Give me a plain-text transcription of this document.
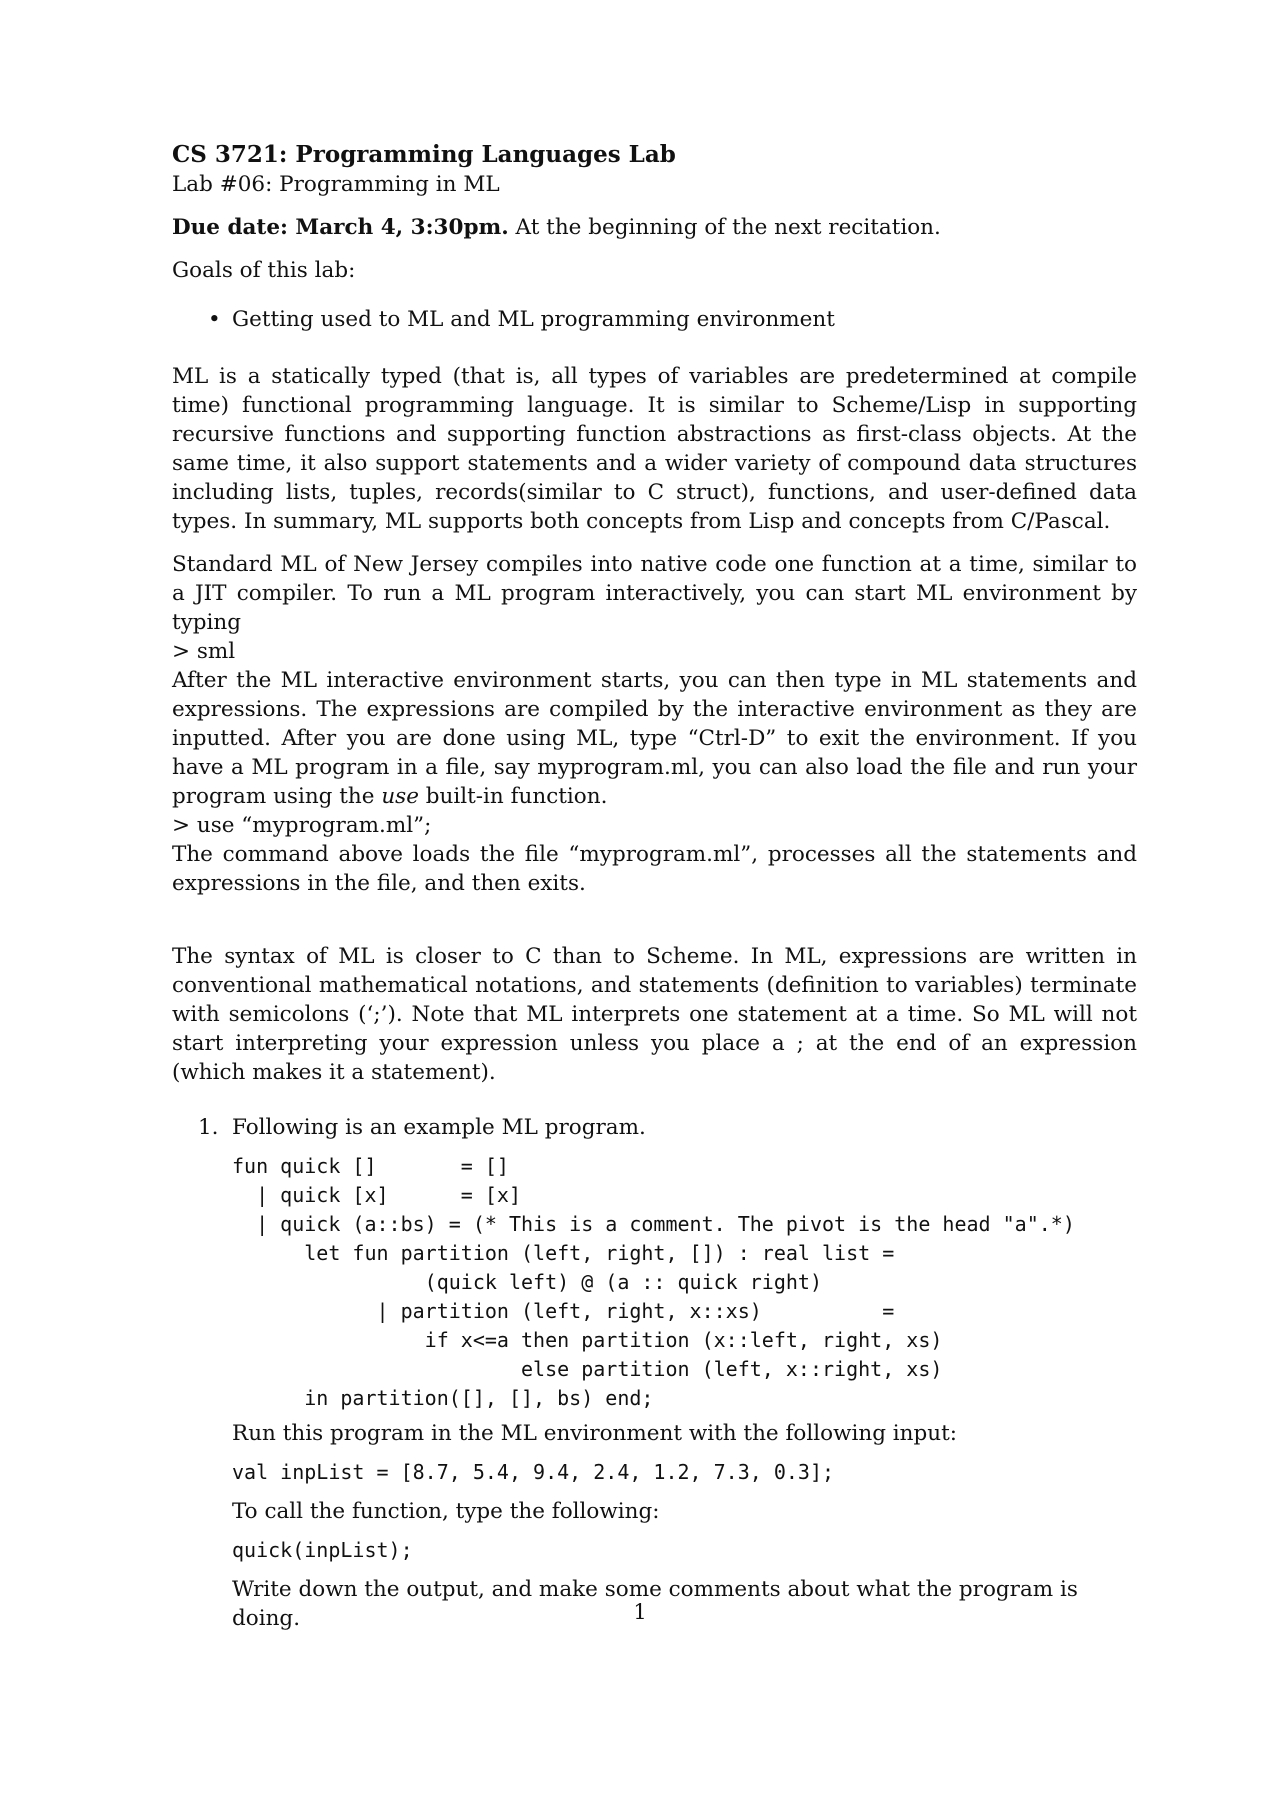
CS 3721: Programming Languages Lab
Lab #06: Programming in ML
Due date: March 4, 3:30pm. At the beginning of the next recitation.
Goals of this lab:
• Getting used to ML and ML programming environment

ML is a statically typed (that is, all types of variables are predetermined at compile time) functional programming language. It is similar to Scheme/Lisp in supporting recursive functions and supporting function abstractions as first-class objects. At the same time, it also support statements and a wider variety of compound data structures including lists, tuples, records(similar to C struct), functions, and user-defined data types. In summary, ML supports both concepts from Lisp and concepts from C/Pascal.

Standard ML of New Jersey compiles into native code one function at a time, similar to a JIT compiler. To run a ML program interactively, you can start ML environment by typing

> sml

After the ML interactive environment starts, you can then type in ML statements and expressions. The expressions are compiled by the interactive environment as they are inputted. After you are done using ML, type “Ctrl-D” to exit the environment. If you have a ML program in a file, say myprogram.ml, you can also load the file and run your program using the use built-in function.

> use “myprogram.ml”;

The command above loads the file “myprogram.ml”, processes all the statements and expressions in the file, and then exits.

The syntax of ML is closer to C than to Scheme. In ML, expressions are written in conventional mathematical notations, and statements (definition to variables) terminate with semicolons (‘;’). Note that ML interprets one statement at a time. So ML will not start interpreting your expression unless you place a ; at the end of an expression (which makes it a statement).

1. Following is an example ML program.
fun quick []       = []
| quick [x]      = [x]
| quick (a::bs) = (* This is a comment. The pivot is the head "a".*)
let fun partition (left, right, []) : real list =
(quick left) @ (a :: quick right)
| partition (left, right, x::xs)          =
if x<=a then partition (x::left, right, xs)
else partition (left, x::right, xs)
in partition([], [], bs) end;
Run this program in the ML environment with the following input:
val inpList = [8.7, 5.4, 9.4, 2.4, 1.2, 7.3, 0.3];
To call the function, type the following:
quick(inpList);
Write down the output, and make some comments about what the program is doing.	1
